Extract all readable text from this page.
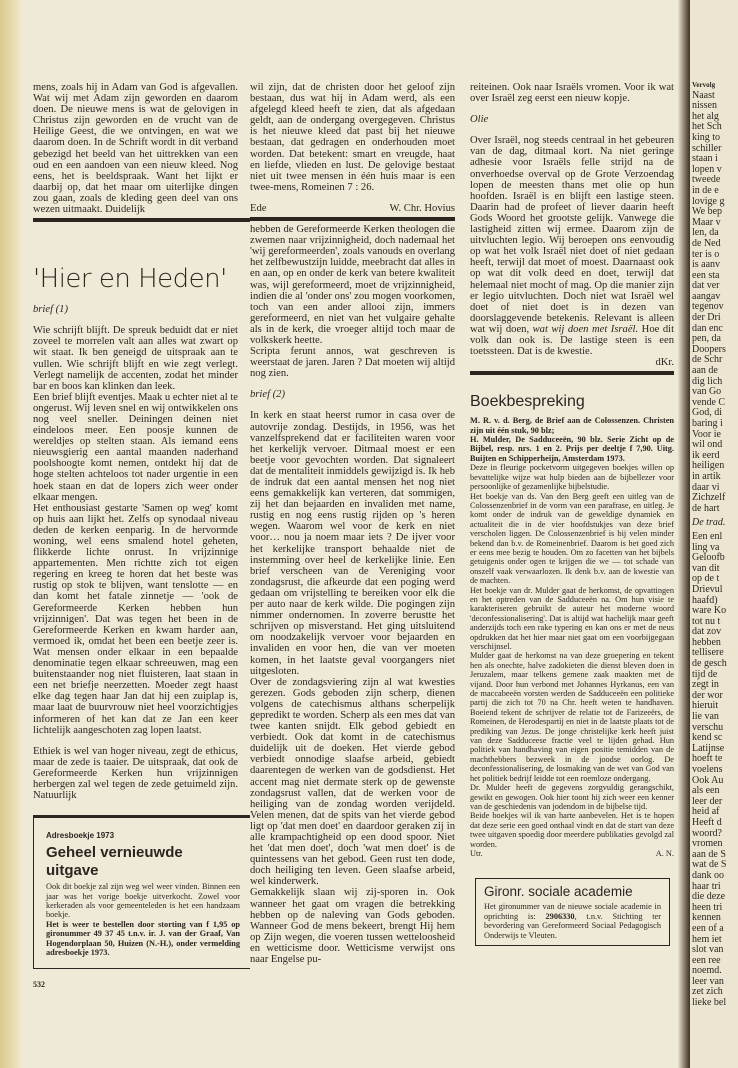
mens, zoals hij in Adam van God is afgevallen. Wat wij met Adam zijn geworden en daarom doen. De nieuwe mens is wat de gelovigen in Christus zijn geworden en de vrucht van de Heilige Geest, die we ontvingen, en wat we daarom doen. In de Schrift wordt in dit verband gebezigd het beeld van het uittrekken van een oud en een aandoen van een nieuw kleed. Nog eens, het is beeldspraak. Want het lijkt er daarbij op, dat het maar om uiterlijke dingen zou gaan, zoals de kleding geen deel van ons wezen uitmaakt. Duidelijk

'Hier en Heden'

brief (1)

Wie schrijft blijft. De spreuk beduidt dat er niet zoveel te morrelen valt aan alles wat zwart op wit staat. Ik ben geneigd de uitspraak aan te vullen. Wie schrijft blijft en wie zegt verlegt. Verlegt namelijk de accenten, zodat het minder bar en boos kan klinken dan leek.

Een brief blijft eventjes. Maak u echter niet al te ongerust. Wij leven snel en wij ontwikkelen ons nog veel sneller. Deiningen deinen niet eindeloos meer. Een poosje kunnen de wereldjes op stelten staan. Als iemand eens nieuwsgierig een aantal maanden naderhand poolshoogte komt nemen, ontdekt hij dat de hoge stelten achteloos tot nader urgentie in een hoek staan en dat de lopers zich weer onder elkaar mengen.

Het enthousiast gestarte 'Samen op weg' komt op huis aan lijkt het. Zelfs op synodaal niveau deden de kerken eenparig. In de hervormde woning, wel eens smalend hotel geheten, flikkerde lichte onrust. In vrijzinnige appartementen. Men richtte zich tot eigen regering en kreeg te horen dat het beste was rustig op stok te blijven, want tenslotte — en dan komt het fatale zinnetje — 'ook de Gereformeerde Kerken hebben hun vrijzinnigen'. Dat was tegen het been in de Gereformeerde Kerken en kwam harder aan, vermoed ik, omdat het been een beetje zeer is. Wat mensen onder elkaar in een bepaalde denominatie tegen elkaar schreeuwen, mag een buitenstaander nog niet fluisteren, laat staan in een net briefje neerzetten. Moeder zegt haast elke dag tegen haar Jan dat hij een zuiplap is, maar laat de buurvrouw niet heel voorzichtigjes informeren of het kan dat ze Jan een keer lichtelijk aangeschoten zag lopen laatst.

Ethiek is wel van hoger niveau, zegt de ethicus, maar de zede is taaier. De uitspraak, dat ook de Gereformeerde Kerken hun vrijzinnigen herbergen zal wel tegen de zede getuimeld zijn. Natuurlijk

Adresboekje 1973
Geheel vernieuwde uitgave

Ook dit boekje zal zijn weg wel weer vinden. Binnen een jaar was het vorige boekje uitverkocht. Zowel voor kerkeraden als voor gemeenteleden is het een handzaam boekje.

Het is weer te bestellen door storting van f 1,95 op gironummer 49 37 45 t.n.v. ir. J. van der Graaf, Van Hogendorplaan 50, Huizen (N.-H.), onder vermelding adresboekje 1973.

532

wil zijn, dat de christen door het geloof zijn bestaan, dus wat hij in Adam werd, als een afgelegd kleed heeft te zien, dat als afgedaan geldt, aan de ondergang overgegeven. Christus is het nieuwe kleed dat past bij het nieuwe bestaan, dat gedragen en onderhouden moet worden. Dat betekent: smart en vreugde, haat en liefde, vlieden en lust. De gelovige bestaat niet uit twee mensen in één huis maar is een twee-mens, Romeinen 7 : 26.

Ede	W. Chr. Hovius

hebben de Gereformeerde Kerken theologen die zwemen naar vrijzinnigheid, doch nademaal het 'wij gereformeerden', zoals vanouds en overlang het zelfbewustzijn luidde, meebracht dat alles in en aan, op en onder de kerk van betere kwaliteit was, wijl gereformeerd, moet de vrijzinnigheid, indien die al 'onder ons' zou mogen voorkomen, toch van een ander allooi zijn, immers gereformeerd, en niet van het vulgaire gehalte als in de kerk, die vroeger altijd toch maar de volkskerk heette.

Scripta ferunt annos, wat geschreven is weerstaat de jaren. Jaren ? Dat moeten wij altijd nog zien.

brief (2)

In kerk en staat heerst rumor in casa over de autovrije zondag. Destijds, in 1956, was het vanzelfsprekend dat er faciliteiten waren voor het kerkelijk vervoer. Ditmaal moest er een beetje voor gevochten worden. Dat signaleert dat de mentaliteit inmiddels gewijzigd is. Ik heb de indruk dat een aantal mensen het nog niet eens gemakkelijk kan verteren, dat sommigen, zij het dan bejaarden en invaliden met name, rustig en nog eens rustig rijden op 's heren wegen. Waarom wel voor de kerk en niet voor… nou ja noem maar iets ? De ijver voor het kerkelijke transport behaalde niet de instemming over heel de kerkelijke linie. Een brief verscheen van de Vereniging voor zondagsrust, die afkeurde dat een poging werd gedaan om vrijstelling te bereiken voor elk die per auto naar de kerk wilde. Die pogingen zijn nimmer ondernomen. In zoverre berustte het schrijven op misverstand. Het ging uitsluitend om noodzakelijk vervoer voor bejaarden en invaliden en voor hen, die van ver moeten komen, in het laatste geval voorgangers niet uitgesloten.

Over de zondagsviering zijn al wat kwesties gerezen. Gods geboden zijn scherp, dienen volgens de catechismus althans scherpelijk gepredikt te worden. Scherp als een mes dat van twee kanten snijdt. Elk gebod gebiedt en verbiedt. Ook dat komt in de catechismus duidelijk uit de doeken. Het vierde gebod verbiedt onnodige slaafse arbeid, gebiedt daarentegen de werken van de godsdienst. Het accent mag niet dermate sterk op de gewenste zondagsrust vallen, dat de werken voor de heiliging van de zondag worden verijdeld. Velen menen, dat de spits van het vierde gebod ligt op 'dat men doet' en daardoor geraken zij in alle krampachtigheid op een dood spoor. Niet het 'dat men doet', doch 'wat men doet' is de quintessens van het gebod. Geen rust ten dode, doch heiliging ten leven. Geen slaafse arbeid, wel kinderwerk.

Gemakkelijk slaan wij zij-sporen in. Ook wanneer het gaat om vragen die betrekking hebben op de naleving van Gods geboden. Wanneer God de mens bekeert, brengt Hij hem op Zijn wegen, die voeren tussen wetteloosheid en wetticisme door. Wetticisme verwijst ons naar Engelse pu-

reiteinen. Ook naar Israëls vromen. Voor ik wat over Israël zeg eerst een nieuw kopje.

Olie

Over Israël, nog steeds centraal in het gebeuren van de dag, ditmaal kort. Na niet geringe adhesie voor Israëls felle strijd na de onverhoedse overval op de Grote Verzoendag lopen de meesten thans met olie op hun hoofden. Israël is en blijft een lastige steen. Daarin had de profeet of liever daarin heeft Gods Woord het grootste gelijk. Vanwege die lastigheid zitten wij ermee. Daarom zijn de uitvluchten legio. Wij beroepen ons eenvoudig op wat het volk Israël niet doet of niet gedaan heeft, terwijl dat moet of moest. Daarnaast ook op wat dit volk deed en doet, terwijl dat helemaal niet mocht of mag. Op die manier zijn er legio uitvluchten. Doch niet wat Israël wel doet of niet doet is in dezen van doorslaggevende betekenis. Relevant is alleen wat wij doen, wat wij doen met Israël. Hoe dit volk dan ook is. De lastige steen is een toetssteen. Dat is de kwestie.

dKr.
Boekbespreking

M. R. v. d. Berg, de Brief aan de Colossenzen. Christen zijn uit één stuk, 90 blz;

H. Mulder, De Sadduceeën, 90 blz. Serie Zicht op de Bijbel, resp. nrs. 1 en 2. Prijs per deeltje f 7,90. Uitg. Buijten en Schipperheijn, Amsterdam 1973.

Deze in fleurige pocketvorm uitgegeven boekjes willen op bevattelijke wijze wat hulp bieden aan de bijbellezer voor persoonlijke of gezamenlijke bijbelstudie.

Het boekje van ds. Van den Berg geeft een uitleg van de Colossenzenbrief in de vorm van een parafrase, en uitleg. Je komt onder de indruk van de geweldige dynamiek en actualiteit die in de vier hoofdstukjes van deze brief verscholen liggen. De Colossenzenbrief is bij velen minder bekend dan b.v. de Romeinenbrief. Daarom is het goed zich er eens mee bezig te houden. Om zo facetten van het bijbels getuigenis onder ogen te krijgen die we — tot schade van onszelf vaak verwaarlozen. Ik denk b.v. aan de kwestie van de machten.

Het boekje van dr. Mulder gaat de herkomst, de opvattingen en het optreden van de Sadduceeën na. Om hun visie te karakteriseren gebruikt de auteur het moderne woord 'deconfessionalisering'. Dat is altijd wat hachelijk maar geeft anderzijds toch een rake typering en kan ons er met de neus opdrukken dat het hier maar niet gaat om een voorbijgegaan verschijnsel.

Mulder gaat de herkomst na van deze groepering en tekent hen als onechte, halve zadokieten die dienst bleven doen in Jeruzalem, maar telkens gemene zaak maakten met de vijand. Door hun verbond met Johannes Hyrkanus, een van de maccabeeën vorsten werden de Sadduceeën een politieke partij die zich tot 70 na Chr. heeft weten te handhaven. Boeiend tekent de schrijver de relatie tot de Farizeeërs, de Romeinen, de Herodespartij en niet in de laatste plaats tot de prediking van Jezus. De jonge christelijke kerk heeft juist van deze Sadduceese fractie veel te lijden gehad. Hun politiek van handhaving van eigen positie temidden van de machthebbers bezweek in de joodse oorlog. De deconfessionalisering, de losmaking van de wet van God van het politiek bedrijf leidde tot een roemloze ondergang.

Dr. Mulder heeft de gegevens zorgvuldig gerangschikt, gewikt en gewogen. Ook hier toont hij zich weer een kenner van de geschiedenis van jodendom in de bijbelse tijd.

Beide boekjes wil ik van harte aanbevelen. Het is te hopen dat deze serie een goed onthaal vindt en dat de start van deze twee uitgaven spoedig door meerdere publikaties gevolgd zal worden.

Utr.	A. N.
Gironr. sociale academie

Het gironummer van de nieuwe sociale academie in oprichting is: 2906330, t.n.v. Stichting ter bevordering van Gereformeerd Sociaal Pedagogisch Onderwijs te Vleuten.

Vervolg
Naast
nissen
het alg
het Sch
king to
schiller
staan i
lopen v
tweede
in de e
lovige g
We bep
Maar v
len, da
de Ned
ter is o
is aanv
een sta
dat ver
aangav
tegenov
der Dri
dan enc
pen, da
Doopers
de Schr
aan de
dig lich
van Go
vende C
God, di
baring i
Voor ie
wil ond
ik eerd
heiligen
in artik
daar vi
Zichzelf
de hart
De trad.
Een enl
ling va
Geloofb
van dit
op de t
Drievul
haafd)
ware Ko
tot nu t
dat zov
hebben
tellisere
de gesch
tijd de
zegt in
der wor
hieruit
lie van
verschu
kend sc
Latijnse
hoeft te
voelens
Ook Au
als een
leer der
heid af
Heeft d
woord?
vromen
aan de S
wat de S
dank oo
haar tri
die deze
heen tri
kennen
een of a
hem iet
slot van
een ree
noemd.
leer van
zet zich
lieke bel
